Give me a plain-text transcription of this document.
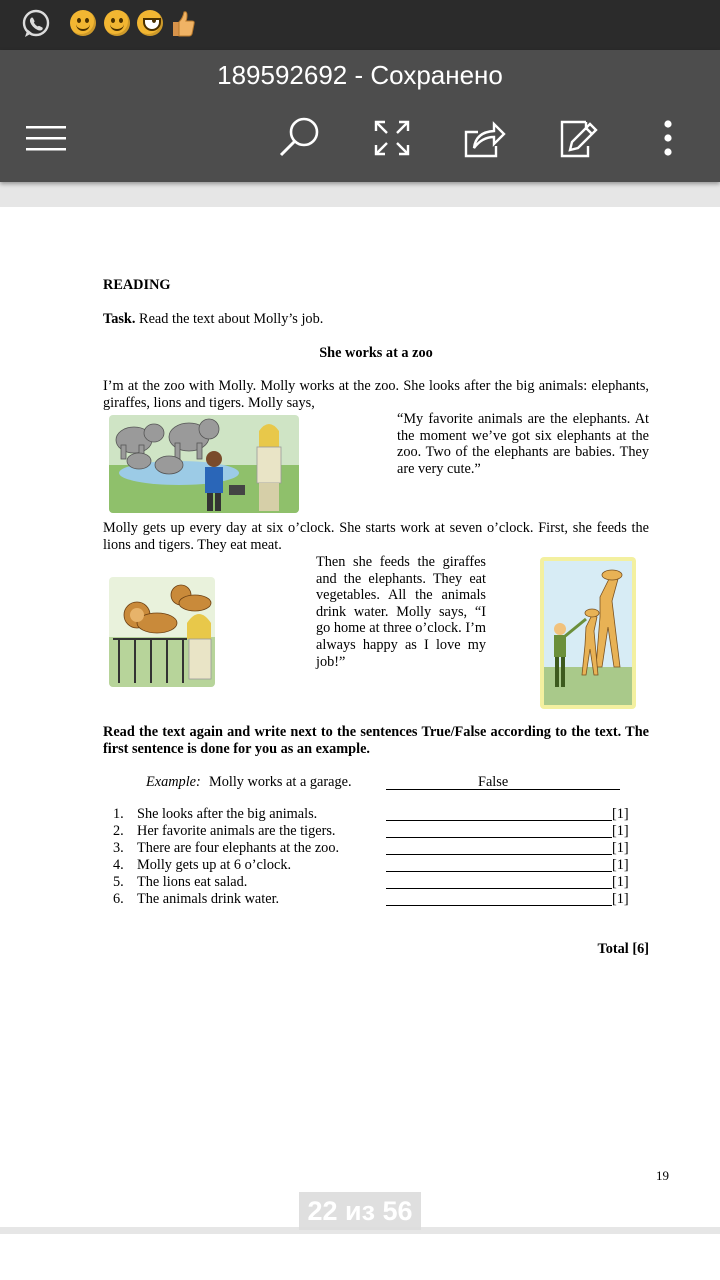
189592692 - Сохранено
READING
Task. Read the text about Molly’s job.
She works at a zoo
I’m at the zoo with Molly. Molly works at the zoo. She looks after the big animals: elephants, giraffes, lions and tigers. Molly says,
“My favorite animals are the elephants. At the moment we’ve got six elephants at the zoo. Two of the elephants are babies. They are very cute.”
Molly gets up every day at six o’clock. She starts work at seven o’clock. First, she feeds the lions and tigers. They eat meat.
Then she feeds the giraffes and the elephants. They eat vegetables. All the animals drink water. Molly says, “I go home at three o’clock. I’m always happy as I love my job!”
Read the text again and write next to the sentences True/False according to the text. The first sentence is done for you as an example.
Example: Molly works at a garage.	False
1. She looks after the big animals.	[1]
2. Her favorite animals are the tigers.	[1]
3. There are four elephants at the zoo.	[1]
4. Molly gets up at 6 o’clock.	[1]
5. The lions eat salad.	[1]
6. The animals drink water.	[1]
Total [6]
19
22 из 56
